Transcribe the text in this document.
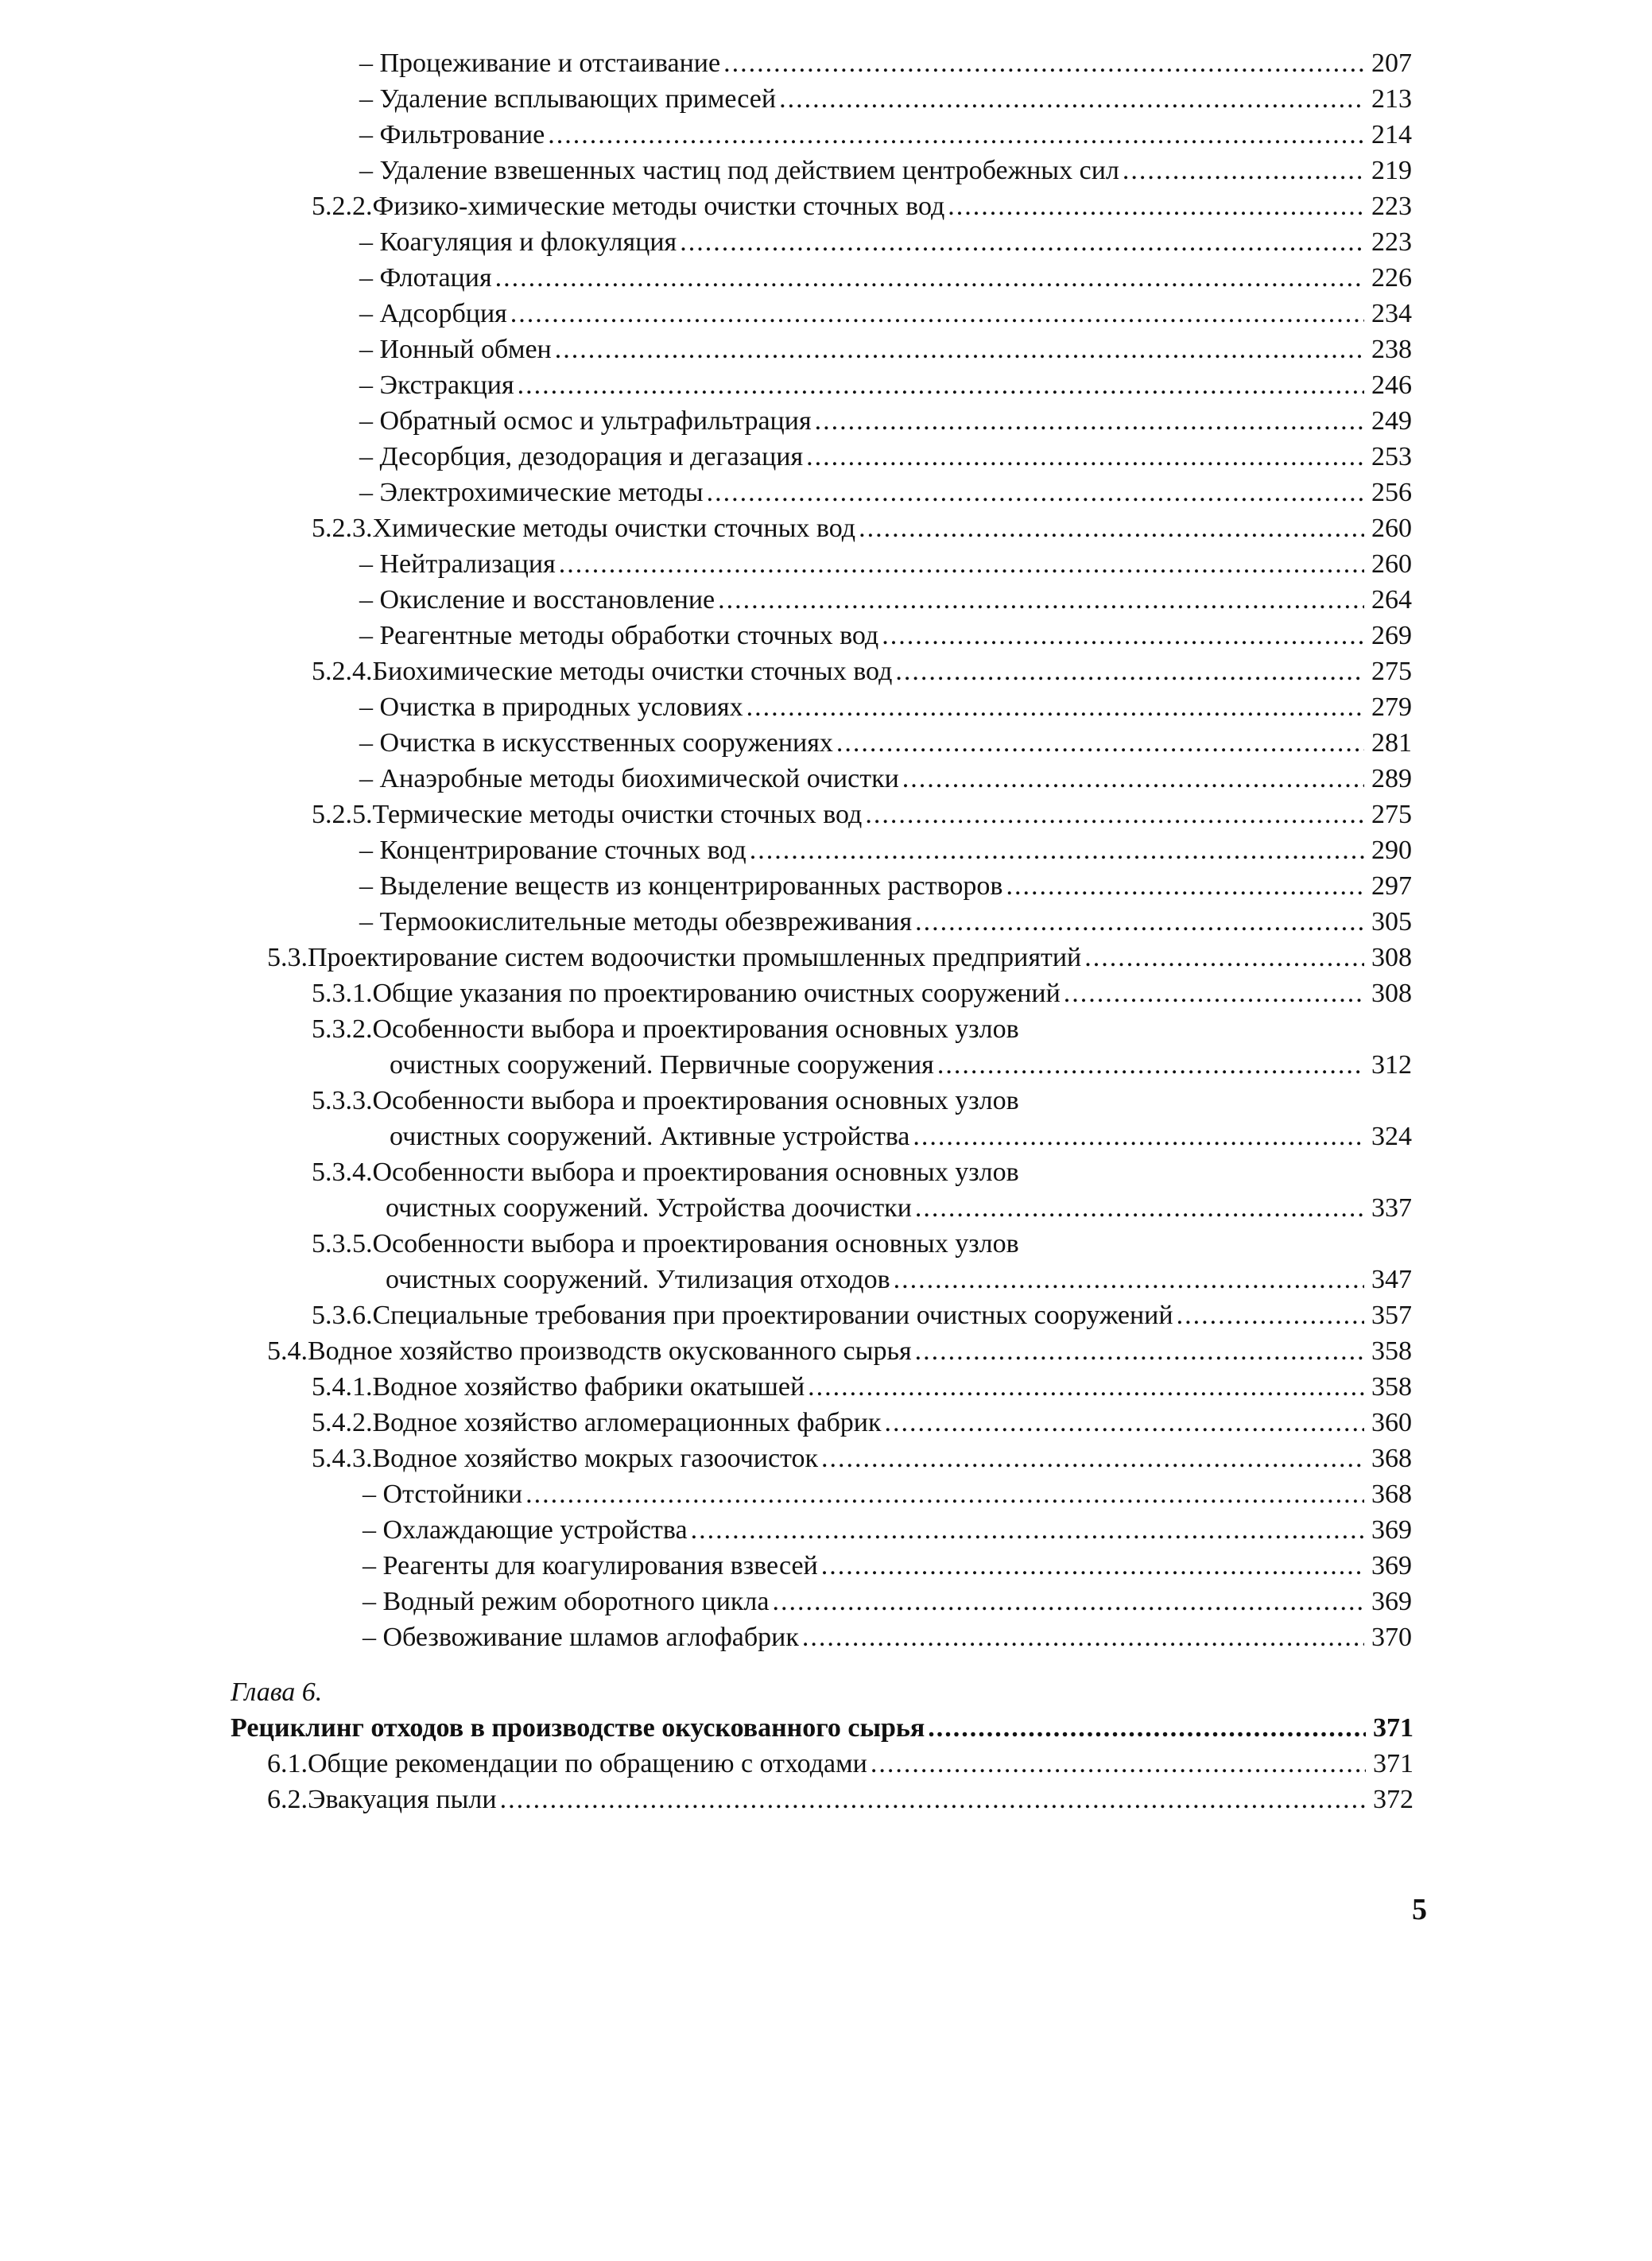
– Процеживание и отстаивание .....	207
– Удаление всплывающих примесей .....	213
– Фильтрование .....	214
– Удаление взвешенных частиц под действием центробежных сил .....	219
5.2.2. Физико-химические методы очистки сточных вод .....	223
– Коагуляция и флокуляция .....	223
– Флотация .....	226
– Адсорбция .....	234
– Ионный обмен .....	238
– Экстракция .....	246
– Обратный осмос и ультрафильтрация .....	249
– Десорбция, дезодорация и дегазация .....	253
– Электрохимические методы .....	256
5.2.3. Химические методы очистки сточных вод .....	260
– Нейтрализация .....	260
– Окисление и восстановление .....	264
– Реагентные методы обработки сточных вод .....	269
5.2.4. Биохимические методы очистки сточных вод .....	275
– Очистка в природных условиях .....	279
– Очистка в искусственных сооружениях .....	281
– Анаэробные методы биохимической очистки .....	289
5.2.5. Термические методы очистки сточных вод .....	275
– Концентрирование сточных вод .....	290
– Выделение веществ из концентрированных растворов .....	297
– Термоокислительные методы обезвреживания .....	305
5.3. Проектирование систем водоочистки промышленных предприятий .....	308
5.3.1. Общие указания по проектированию очистных сооружений .....	308
5.3.2. Особенности выбора и проектирования основных узлов
очистных сооружений. Первичные сооружения .....	312
5.3.3. Особенности выбора и проектирования основных узлов
очистных сооружений. Активные устройства .....	324
5.3.4. Особенности выбора и проектирования основных узлов
очистных сооружений. Устройства доочистки .....	337
5.3.5. Особенности выбора и проектирования основных узлов
очистных сооружений. Утилизация отходов .....	347
5.3.6. Специальные требования при проектировании очистных сооружений .....	357
5.4. Водное хозяйство производств окускованного сырья .....	358
5.4.1. Водное хозяйство фабрики окатышей .....	358
5.4.2. Водное хозяйство агломерационных фабрик .....	360
5.4.3. Водное хозяйство мокрых газоочисток .....	368
– Отстойники .....	368
– Охлаждающие устройства .....	369
– Реагенты для коагулирования взвесей .....	369
– Водный режим оборотного цикла .....	369
– Обезвоживание шламов аглофабрик .....	370
Рециклинг отходов в производстве окускованного сырья .....	371
6.1. Общие рекомендации по обращению с отходами .....	371
6.2. Эвакуация пыли .....	372
Глава 6.
5
